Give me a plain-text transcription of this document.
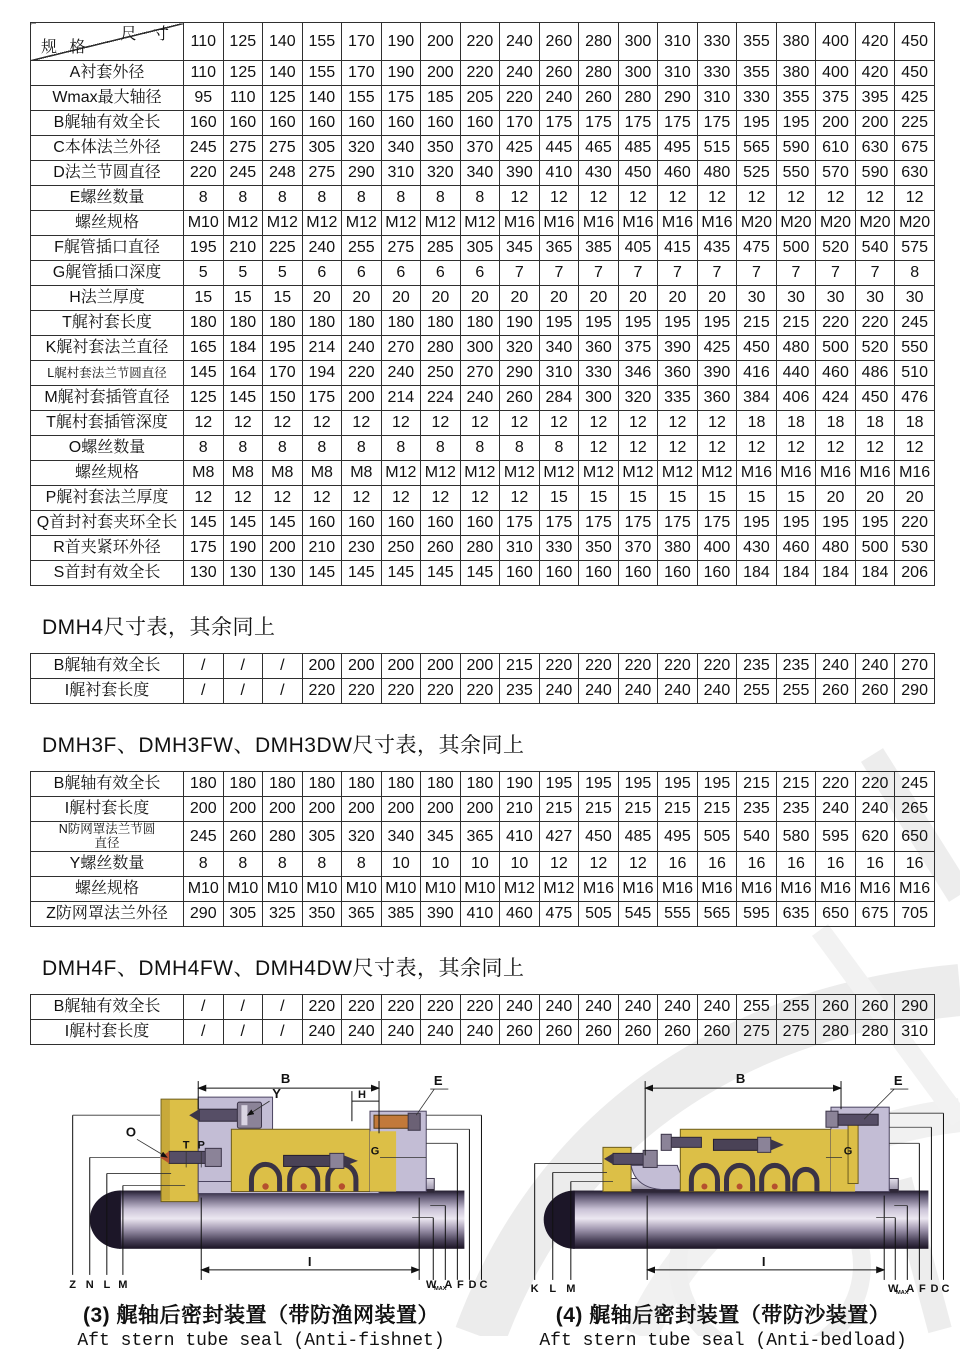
尺 寸
规 格	110	125	140	155	170	190	200	220	240	260	280	300	310	330	355	380	400	420	450
A衬套外径	110	125	140	155	170	190	200	220	240	260	280	300	310	330	355	380	400	420	450
Wmax最大轴径	95	110	125	140	155	175	185	205	220	240	260	280	290	310	330	355	375	395	425
B艉轴有效全长	160	160	160	160	160	160	160	160	170	175	175	175	175	175	195	195	200	200	225
C本体法兰外径	245	275	275	305	320	340	350	370	425	445	465	485	495	515	565	590	610	630	675
D法兰节圆直径	220	245	248	275	290	310	320	340	390	410	430	450	460	480	525	550	570	590	630
E螺丝数量	8	8	8	8	8	8	8	8	12	12	12	12	12	12	12	12	12	12	12
螺丝规格	M10	M12	M12	M12	M12	M12	M12	M12	M16	M16	M16	M16	M16	M16	M20	M20	M20	M20	M20
F艉管插口直径	195	210	225	240	255	275	285	305	345	365	385	405	415	435	475	500	520	540	575
G艉管插口深度	5	5	5	6	6	6	6	6	7	7	7	7	7	7	7	7	7	7	8
H法兰厚度	15	15	15	20	20	20	20	20	20	20	20	20	20	20	30	30	30	30	30
T艉衬套长度	180	180	180	180	180	180	180	180	190	195	195	195	195	195	215	215	220	220	245
K艉衬套法兰直径	165	184	195	214	240	270	280	300	320	340	360	375	390	425	450	480	500	520	550
L艉村套法兰节圆直径	145	164	170	194	220	240	250	270	290	310	330	346	360	390	416	440	460	486	510
M艉衬套插管直径	125	145	150	175	200	214	224	240	260	284	300	320	335	360	384	406	424	450	476
T艉村套插管深度	12	12	12	12	12	12	12	12	12	12	12	12	12	12	18	18	18	18	18
O螺丝数量	8	8	8	8	8	8	8	8	8	8	12	12	12	12	12	12	12	12	12
螺丝规格	M8	M8	M8	M8	M8	M12	M12	M12	M12	M12	M12	M12	M12	M12	M16	M16	M16	M16	M16
P艉衬套法兰厚度	12	12	12	12	12	12	12	12	12	15	15	15	15	15	15	15	20	20	20
Q首封衬套夹环全长	145	145	145	160	160	160	160	160	175	175	175	175	175	175	195	195	195	195	220
R首夹紧环外径	175	190	200	210	230	250	260	280	310	330	350	370	380	400	430	460	480	500	530
S首封有效全长	130	130	130	145	145	145	145	145	160	160	160	160	160	160	184	184	184	184	206
DMH4尺寸表，其余同上
B艉轴有效全长	/	/	/	200	200	200	200	200	215	220	220	220	220	220	235	235	240	240	270
I艉衬套长度	/	/	/	220	220	220	220	220	235	240	240	240	240	240	255	255	260	260	290
DMH3F、DMH3FW、DMH3DW尺寸表，其余同上
B艉轴有效全长	180	180	180	180	180	180	180	180	190	195	195	195	195	195	215	215	220	220	245
I艉村套长度	200	200	200	200	200	200	200	200	210	215	215	215	215	215	235	235	240	240	265
N防网罩法兰节圆
直径	245	260	280	305	320	340	345	365	410	427	450	485	495	505	540	580	595	620	650
Y螺丝数量	8	8	8	8	8	10	10	10	10	12	12	12	16	16	16	16	16	16	16
螺丝规格	M10	M10	M10	M10	M10	M10	M10	M10	M12	M12	M16	M16	M16	M16	M16	M16	M16	M16	M16
Z防网罩法兰外径	290	305	325	350	365	385	390	410	460	475	505	545	555	565	595	635	650	675	705
DMH4F、DMH4FW、DMH4DW尺寸表，其余同上
B艉轴有效全长	/	/	/	220	220	220	220	220	240	240	240	240	240	240	255	255	260	260	290
I艉村套长度	/	/	/	240	240	240	240	240	260	260	260	260	260	260	275	275	280	280	310
B
H
E
Y
O
T P
G
Z N L M
I
W
MAX
A F D C
(3) 艉轴后密封装置（带防渔网装置）
Aft stern tube seal (Anti-fishnet)
B	E
G
K L M
I
W
MAX
A F D C
(4) 艉轴后密封装置（带防沙装置）
Aft stern tube seal (Anti-bedload)
